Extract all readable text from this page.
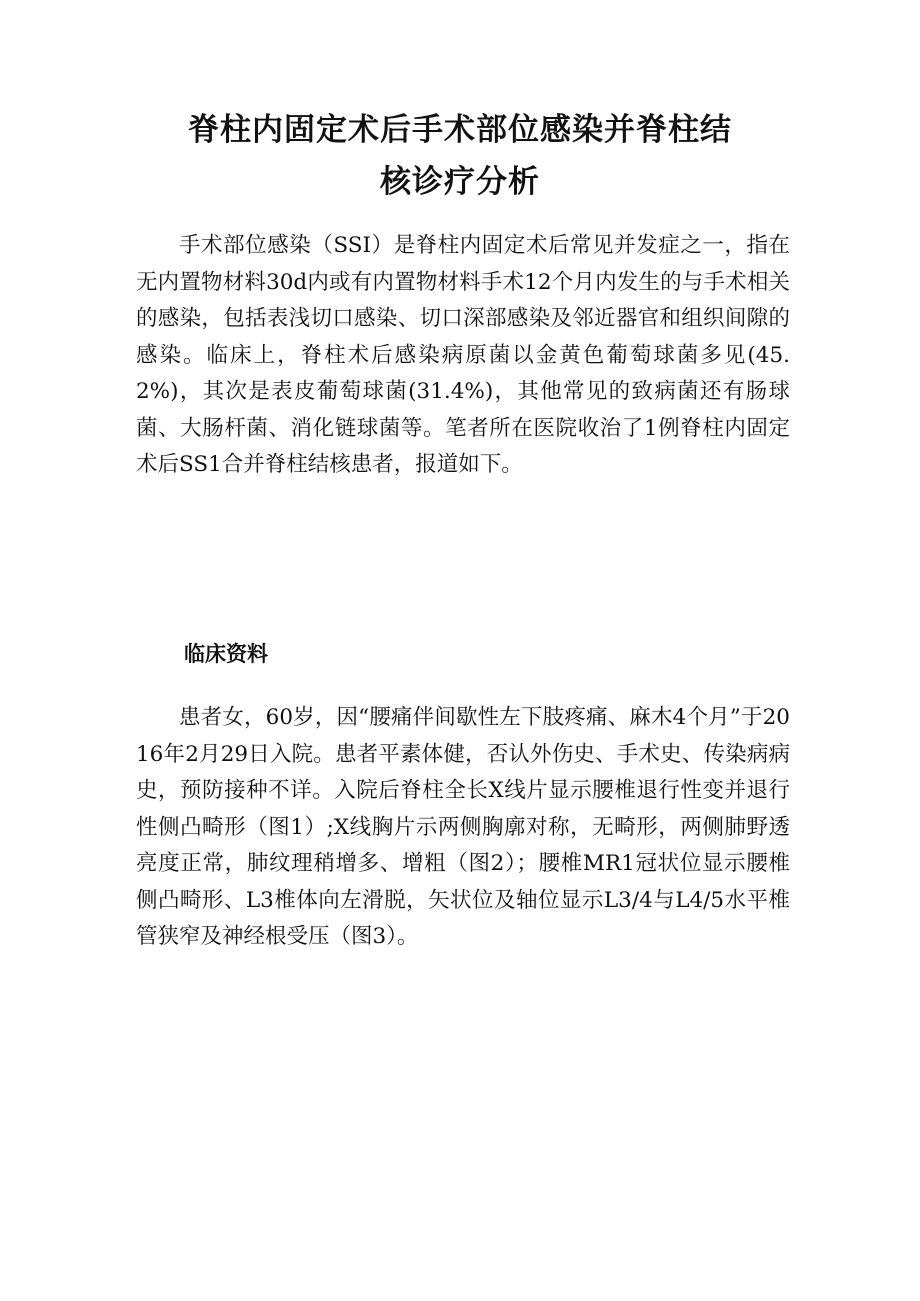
脊柱内固定术后手术部位感染并脊柱结
核诊疗分析

手术部位感染（SSI）是脊柱内固定术后常见并发症之一，指在无内置物材料30d内或有内置物材料手术12个月内发生的与手术相关的感染，包括表浅切口感染、切口深部感染及邻近器官和组织间隙的感染。临床上，脊柱术后感染病原菌以金黄色葡萄球菌多见(45.2%)，其次是表皮葡萄球菌(31.4%)，其他常见的致病菌还有肠球菌、大肠杆菌、消化链球菌等。笔者所在医院收治了1例脊柱内固定术后SS1合并脊柱结核患者，报道如下。

临床资料

患者女，60岁，因“腰痛伴间歇性左下肢疼痛、麻木4个月”于2016年2月29日入院。患者平素体健，否认外伤史、手术史、传染病病史，预防接种不详。入院后脊柱全长X线片显示腰椎退行性变并退行性侧凸畸形（图1）;X线胸片示两侧胸廓对称，无畸形，两侧肺野透亮度正常，肺纹理稍增多、增粗（图2）；腰椎MR1冠状位显示腰椎侧凸畸形、L3椎体向左滑脱，矢状位及轴位显示L3/4与L4/5水平椎管狭窄及神经根受压（图3）。
